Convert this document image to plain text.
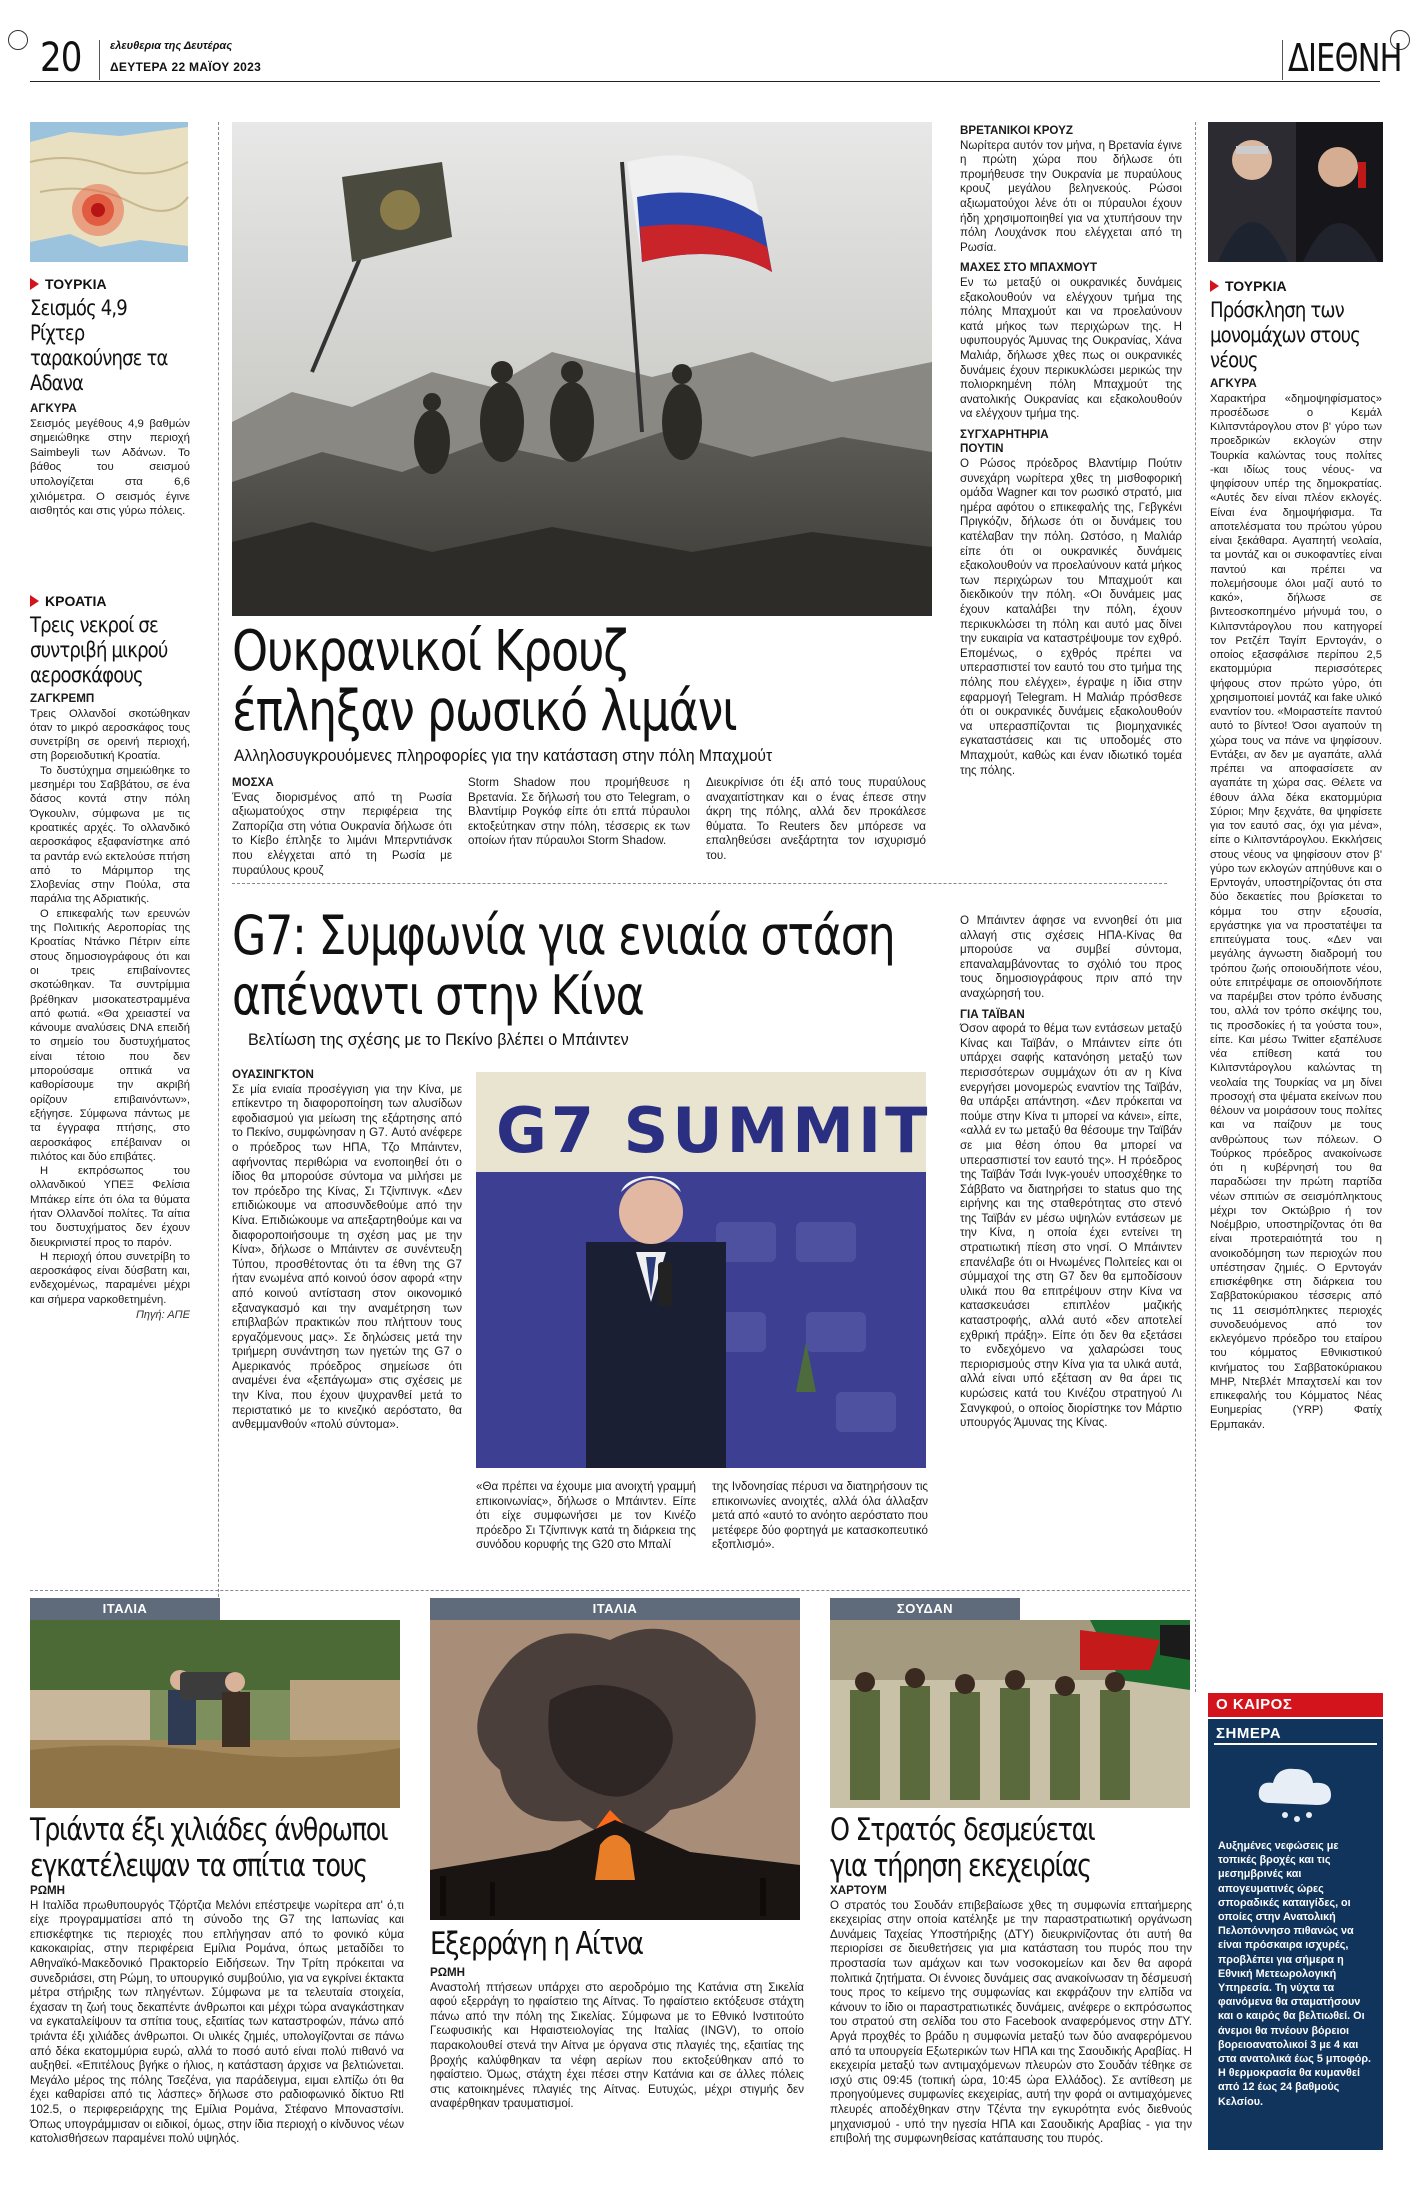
20	ελευθερια της Δευτέρας
ΔΕΥΤΕΡΑ 22 ΜΑΪΟΥ 2023	ΔΙΕΘΝΗ
ΤΟΥΡΚΙΑ
Σεισμός 4,9 Ρίχτερ ταρακούνησε τα Αδανα
ΑΓΚΥΡΑ
Σεισμός μεγέθους 4,9 βαθμών σημειώθηκε στην περιοχή Saimbeyli των Αδάνων. Το βάθος του σεισμού υπολογίζεται στα 6,6 χιλιόμετρα. Ο σεισμός έγινε αισθητός και στις γύρω πόλεις.
ΚΡΟΑΤΙΑ
Τρεις νεκροί σε συντριβή μικρού αεροσκάφους
ΖΑΓΚΡΕΜΠ
Τρεις Ολλανδοί σκοτώθηκαν όταν το μικρό αεροσκάφος τους συνετρίβη σε ορεινή περιοχή, στη βορειοδυτική Κροατία.
Το δυστύχημα σημειώθηκε το μεσημέρι του Σαββάτου, σε ένα δάσος κοντά στην πόλη Όγκουλιν, σύμφωνα με τις κροατικές αρχές. Το ολλανδικό αεροσκάφος εξαφανίστηκε από τα ραντάρ ενώ εκτελούσε πτήση από το Μάριμπορ της Σλοβενίας στην Πούλα, στα παράλια της Αδριατικής.
Ο επικεφαλής των ερευνών της Πολιτικής Αεροπορίας της Κροατίας Ντάνκο Πέτριν είπε στους δημοσιογράφους ότι και οι τρεις επιβαίνοντες σκοτώθηκαν. Τα συντρίμμια βρέθηκαν μισοκατεστραμμένα από φωτιά. «Θα χρειαστεί να κάνουμε αναλύσεις DNA επειδή το σημείο του δυστυχήματος είναι τέτοιο που δεν μπορούσαμε οπτικά να καθορίσουμε την ακριβή ορίζουν επιβαινόντων», εξήγησε. Σύμφωνα πάντως με τα έγγραφα πτήσης, στο αεροσκάφος επέβαιναν οι πιλότος και δύο επιβάτες.
Η εκπρόσωπος του ολλανδικού ΥΠΕΞ Φελίσια Μπάκερ είπε ότι όλα τα θύματα ήταν Ολλανδοί πολίτες. Τα αίτια του δυστυχήματος δεν έχουν διευκρινιστεί προς το παρόν.
Η περιοχή όπου συνετρίβη το αεροσκάφος είναι δύσβατη και, ενδεχομένως, παραμένει μέχρι και σήμερα ναρκοθετημένη.
Πηγή: ΑΠΕ
Ουκρανικοί Κρουζ
έπληξαν ρωσικό λιμάνι
Αλληλοσυγκρουόμενες πληροφορίες για την κατάσταση στην πόλη Μπαχμούτ
ΜΟΣΧΑ
Ένας διορισμένος από τη Ρωσία αξιωματούχος στην περιφέρεια της Ζαπορίζια στη νότια Ουκρανία δήλωσε ότι το Κίεβο έπληξε το λιμάνι Μπερντιάνσκ που ελέγχεται από τη Ρωσία με πυραύλους κρουζ
Storm Shadow που προμήθευσε η Βρετανία. Σε δήλωσή του στο Telegram, ο Βλαντίμιρ Ρογκόφ είπε ότι επτά πύραυλοι εκτοξεύτηκαν στην πόλη, τέσσερις εκ των οποίων ήταν πύραυλοι Storm Shadow.
Διευκρίνισε ότι έξι από τους πυραύλους αναχαιτίστηκαν και ο ένας έπεσε στην άκρη της πόλης, αλλά δεν προκάλεσε θύματα. Το Reuters δεν μπόρεσε να επαληθεύσει ανεξάρτητα τον ισχυρισμό του.
ΒΡΕΤΑΝΙΚΟΙ ΚΡΟΥΖ
Νωρίτερα αυτόν τον μήνα, η Βρετανία έγινε η πρώτη χώρα που δήλωσε ότι προμήθευσε την Ουκρανία με πυραύλους κρουζ μεγάλου βεληνεκούς. Ρώσοι αξιωματούχοι λένε ότι οι πύραυλοι έχουν ήδη χρησιμοποιηθεί για να χτυπήσουν την πόλη Λουχάνσκ που ελέγχεται από τη Ρωσία.
ΜΑΧΕΣ ΣΤΟ ΜΠΑΧΜΟΥΤ
Εν τω μεταξύ οι ουκρανικές δυνάμεις εξακολουθούν να ελέγχουν τμήμα της πόλης Μπαχμούτ και να προελαύνουν κατά μήκος των περιχώρων της. Η υφυπουργός Άμυνας της Ουκρανίας, Χάνα Μαλιάρ, δήλωσε χθες πως οι ουκρανικές δυνάμεις έχουν περικυκλώσει μερικώς την πολιορκημένη πόλη Μπαχμούτ της ανατολικής Ουκρανίας και εξακολουθούν να ελέγχουν τμήμα της.
ΣΥΓΧΑΡΗΤΗΡΙΑ ΠΟΥΤΙΝ
Ο Ρώσος πρόεδρος Βλαντίμιρ Πούτιν συνεχάρη νωρίτερα χθες τη μισθοφορική ομάδα Wagner και τον ρωσικό στρατό, μια ημέρα αφότου ο επικεφαλής της, Γεβγκένι Πριγκόζιν, δήλωσε ότι οι δυνάμεις του κατέλαβαν την πόλη. Ωστόσο, η Μαλιάρ είπε ότι οι ουκρανικές δυνάμεις εξακολουθούν να προελαύνουν κατά μήκος των περιχώρων του Μπαχμούτ και διεκδικούν την πόλη. «Οι δυνάμεις μας έχουν καταλάβει την πόλη, έχουν περικυκλώσει τη πόλη και αυτό μας δίνει την ευκαιρία να καταστρέψουμε τον εχθρό. Επομένως, ο εχθρός πρέπει να υπερασπιστεί τον εαυτό του στο τμήμα της πόλης που ελέγχει», έγραψε η ίδια στην εφαρμογή Telegram. Η Μαλιάρ πρόσθεσε ότι οι ουκρανικές δυνάμεις εξακολουθούν να υπερασπίζονται τις βιομηχανικές εγκαταστάσεις και τις υποδομές στο Μπαχμούτ, καθώς και έναν ιδιωτικό τομέα της πόλης.
G7: Συμφωνία για ενιαία στάση
απέναντι στην Κίνα
Βελτίωση της σχέσης με το Πεκίνο βλέπει ο Μπάιντεν
ΟΥΑΣΙΝΓΚΤΟΝ
Σε μία ενιαία προσέγγιση για την Κίνα, με επίκεντρο τη διαφοροποίηση των αλυσίδων εφοδιασμού για μείωση της εξάρτησης από το Πεκίνο, συμφώνησαν η G7. Αυτό ανέφερε ο πρόεδρος των ΗΠΑ, Τζο Μπάιντεν, αφήνοντας περιθώρια να ενοποιηθεί ότι ο ίδιος θα μπορούσε σύντομα να μιλήσει με τον πρόεδρο της Κίνας, Σι Τζίνπινγκ. «Δεν επιδιώκουμε να αποσυνδεθούμε από την Κίνα. Επιδιώκουμε να απεξαρτηθούμε και να διαφοροποιήσουμε τη σχέση μας με την Κίνα», δήλωσε ο Μπάιντεν σε συνέντευξη Τύπου, προσθέτοντας ότι τα έθνη της G7 ήταν ενωμένα από κοινού όσον αφορά «την από κοινού αντίσταση στον οικονομικό εξαναγκασμό και την αναμέτρηση των επιβλαβών πρακτικών που πλήττουν τους εργαζόμενους μας». Σε δηλώσεις μετά την τριήμερη συνάντηση των ηγετών της G7 ο Αμερικανός πρόεδρος σημείωσε ότι αναμένει ένα «ξεπάγωμα» στις σχέσεις με την Κίνα, που έχουν ψυχρανθεί μετά το περιστατικό με το κινεζικό αερόστατο, θα ανθεμμανθούν «πολύ σύντομα».
G7 SUMMIT
«Θα πρέπει να έχουμε μια ανοιχτή γραμμή επικοινωνίας», δήλωσε ο Μπάιντεν. Είπε ότι είχε συμφωνήσει με τον Κινέζο πρόεδρο Σι Τζίνπινγκ κατά τη διάρκεια της συνόδου κορυφής της G20 στο Μπαλί
της Ινδονησίας πέρυσι να διατηρήσουν τις επικοινωνίες ανοιχτές, αλλά όλα άλλαξαν μετά από «αυτό το ανόητο αερόστατο που μετέφερε δύο φορτηγά με κατασκοπευτικό εξοπλισμό».
Ο Μπάιντεν άφησε να εννοηθεί ότι μια αλλαγή στις σχέσεις ΗΠΑ-Κίνας θα μπορούσε να συμβεί σύντομα, επαναλαμβάνοντας το σχόλιό του προς τους δημοσιογράφους πριν από την αναχώρησή του.
ΓΙΑ ΤΑΪΒΑΝ
Όσον αφορά το θέμα των εντάσεων μεταξύ Κίνας και Ταϊβάν, ο Μπάιντεν είπε ότι υπάρχει σαφής κατανόηση μεταξύ των περισσότερων συμμάχων ότι αν η Κίνα ενεργήσει μονομερώς εναντίον της Ταϊβάν, θα υπάρξει απάντηση. «Δεν πρόκειται να πούμε στην Κίνα τι μπορεί να κάνει», είπε, «αλλά εν τω μεταξύ θα θέσουμε την Ταϊβάν σε μια θέση όπου θα μπορεί να υπερασπιστεί τον εαυτό της». Η πρόεδρος της Ταϊβάν Τσάι Ινγκ-γουέν υποσχέθηκε το Σάββατο να διατηρήσει το status quo της ειρήνης και της σταθερότητας στο στενό της Ταϊβάν εν μέσω υψηλών εντάσεων με την Κίνα, η οποία έχει εντείνει τη στρατιωτική πίεση στο νησί. Ο Μπάιντεν επανέλαβε ότι οι Ηνωμένες Πολιτείες και οι σύμμαχοί της στη G7 δεν θα εμποδίσουν υλικά που θα επιτρέψουν στην Κίνα να κατασκευάσει επιπλέον μαζικής καταστροφής, αλλά αυτό «δεν αποτελεί εχθρική πράξη». Είπε ότι δεν θα εξετάσει το ενδεχόμενο να χαλαρώσει τους περιορισμούς στην Κίνα για τα υλικά αυτά, αλλά είναι υπό εξέταση αν θα άρει τις κυρώσεις κατά του Κινέζου στρατηγού Λι Σανγκφού, ο οποίος διορίστηκε τον Μάρτιο υπουργός Άμυνας της Κίνας.
ΤΟΥΡΚΙΑ
Πρόσκληση των μονομάχων στους νέους
ΑΓΚΥΡΑ
Χαρακτήρα «δημοψηφίσματος» προσέδωσε ο Κεμάλ Κιλιτσντάρογλου στον β' γύρο των προεδρικών εκλογών στην Τουρκία καλώντας τους πολίτες -και ιδίως τους νέους- να ψηφίσουν υπέρ της δημοκρατίας. «Αυτές δεν είναι πλέον εκλογές. Είναι ένα δημοψήφισμα. Τα αποτελέσματα του πρώτου γύρου είναι ξεκάθαρα. Αγαπητή νεολαία, τα μοντάζ και οι συκοφαντίες είναι παντού και πρέπει να πολεμήσουμε όλοι μαζί αυτό το κακό», δήλωσε σε βιντεοσκοπημένο μήνυμά του, ο Κιλιτσντάρογλου που κατηγορεί τον Ρετζέπ Ταγίπ Ερντογάν, ο οποίος εξασφάλισε περίπου 2,5 εκατομμύρια περισσότερες ψήφους στον πρώτο γύρο, ότι χρησιμοποιεί μοντάζ και fake υλικό εναντίον του. «Μοιραστείτε παντού αυτό το βίντεο! Όσοι αγαπούν τη χώρα τους να πάνε να ψηφίσουν. Εντάξει, αν δεν με αγαπάτε, αλλά πρέπει να αποφασίσετε αν αγαπάτε τη χώρα σας. Θέλετε να έθουν άλλα δέκα εκατομμύρια Σύριοι; Μην ξεχνάτε, θα ψηφίσετε για τον εαυτό σας, όχι για μένα», είπε ο Κιλιτσντάρογλου. Εκκλήσεις στους νέους να ψηφίσουν στον β' γύρο των εκλογών απηύθυνε και ο Ερντογάν, υποστηρίζοντας ότι στα δύο δεκαετίες που βρίσκεται το κόμμα του στην εξουσία, εργάστηκε για να προστατέψει τα επιτεύγματα τους. «Δεν ναι μεγάλης άγνωστη διαδρομή του τρόπου ζωής οποιουδήποτε νέου, ούτε επιτρέψαμε σε οποιονδήποτε να παρέμβει στον τρόπο ένδυσης του, αλλά τον τρόπο σκέψης του, τις προσδοκίες ή τα γούστα του», είπε. Και μέσω Twitter εξαπέλυσε νέα επίθεση κατά του Κιλιτσντάρογλου καλώντας τη νεολαία της Τουρκίας να μη δίνει προσοχή στα ψέματα εκείνων που θέλουν να μοιράσουν τους πολίτες και να παίζουν με τους ανθρώπους των πόλεων. Ο Τούρκος πρόεδρος ανακοίνωσε ότι η κυβέρνησή του θα παραδώσει την πρώτη παρτίδα νέων σπιτιών σε σεισμόπληκτους μέχρι τον Οκτώβριο ή τον Νοέμβριο, υποστηρίζοντας ότι θα είναι προτεραιότητά του η ανοικοδόμηση των περιοχών που υπέστησαν ζημιές. Ο Ερντογάν επισκέφθηκε στη διάρκεια του Σαββατοκύριακου τέσσερις από τις 11 σεισμόπληκτες περιοχές συνοδευόμενος από τον εκλεγόμενο πρόεδρο του εταίρου του κόμματος Εθνικιστικού κινήματος του Σαββατοκύριακου MHP, Ντεβλέτ Μπαχτσελί και τον επικεφαλής του Κόμματος Νέας Ευημερίας (YRP) Φατίχ Ερμπακάν.
Ο ΚΑΙΡΟΣ
ΣΗΜΕΡΑ
Αυξημένες νεφώσεις με τοπικές βροχές και τις μεσημβρινές και απογευματινές ώρες σποραδικές καταιγίδες, οι οποίες στην Ανατολική Πελοπόννησο πιθανώς να είναι πρόσκαιρα ισχυρές, προβλέπει για σήμερα η Εθνική Μετεωρολογική Υπηρεσία. Τη νύχτα τα φαινόμενα θα σταματήσουν και ο καιρός θα βελτιωθεί. Οι άνεμοι θα πνέουν βόρειοι βορειοανατολικοί 3 με 4 και στα ανατολικά έως 5 μποφόρ. Η θερμοκρασία θα κυμανθεί από 12 έως 24 βαθμούς Κελσίου.
ΙΤΑΛΙΑ
Τριάντα έξι χιλιάδες άνθρωποι
εγκατέλειψαν τα σπίτια τους
ΡΩΜΗ
Η Ιταλίδα πρωθυπουργός Τζόρτζια Μελόνι επέστρεψε νωρίτερα απ' ό,τι είχε προγραμματίσει από τη σύνοδο της G7 της Ιαπωνίας και επισκέφτηκε τις περιοχές που επλήγησαν από το φονικό κύμα κακοκαιρίας, στην περιφέρεια Εμίλια Ρομάνα, όπως μεταδίδει το Αθηναϊκό-Μακεδονικό Πρακτορείο Ειδήσεων. Την Τρίτη πρόκειται να συνεδριάσει, στη Ρώμη, το υπουργικό συμβούλιο, για να εγκρίνει έκτακτα μέτρα στήριξης των πληγέντων. Σύμφωνα με τα τελευταία στοιχεία, έχασαν τη ζωή τους δεκαπέντε άνθρωποι και μέχρι τώρα αναγκάστηκαν να εγκαταλείψουν τα σπίτια τους, εξαιτίας των καταστροφών, πάνω από τριάντα έξι χιλιάδες άνθρωποι. Οι υλικές ζημιές, υπολογίζονται σε πάνω από δέκα εκατομμύρια ευρώ, αλλά το ποσό αυτό είναι πολύ πιθανό να αυξηθεί. «Επιτέλους βγήκε ο ήλιος, η κατάσταση άρχισε να βελτιώνεται. Μεγάλο μέρος της πόλης Τσεζένα, για παράδειγμα, ειμαι ελπίζω ότι θα έχει καθαρίσει από τις λάσπες» δήλωσε στο ραδιοφωνικό δίκτυο Rtl 102.5, ο περιφερειάρχης της Εμίλια Ρομάνα, Στέφανο Μποναστσίνι. Όπως υπογράμμισαν οι ειδικοί, όμως, στην ίδια περιοχή ο κίνδυνος νέων κατολισθήσεων παραμένει πολύ υψηλός.
ΙΤΑΛΙΑ
Εξερράγη η Αίτνα
ΡΩΜΗ
Αναστολή πτήσεων υπάρχει στο αεροδρόμιο της Κατάνια στη Σικελία αφού εξερράγη το ηφαίστειο της Αίτνας. Το ηφαίστειο εκτόξευσε στάχτη πάνω από την πόλη της Σικελίας. Σύμφωνα με το Εθνικό Ινστιτούτο Γεωφυσικής και Ηφαιστειολογίας της Ιταλίας (INGV), το οποίο παρακολουθεί στενά την Αίτνα με όργανα στις πλαγιές της, εξαιτίας της βροχής καλύφθηκαν τα νέφη αερίων που εκτοξεύθηκαν από το ηφαίστειο. Όμως, στάχτη έχει πέσει στην Κατάνια και σε άλλες πόλεις στις κατοικημένες πλαγιές της Αίτνας. Ευτυχώς, μέχρι στιγμής δεν αναφέρθηκαν τραυματισμοί.
ΣΟΥΔΑΝ
Ο Στρατός δεσμεύεται
για τήρηση εκεχειρίας
ΧΑΡΤΟΥΜ
Ο στρατός του Σουδάν επιβεβαίωσε χθες τη συμφωνία επταήμερης εκεχειρίας στην οποία κατέληξε με την παραστρατιωτική οργάνωση Δυνάμεις Ταχείας Υποστήριξης (ΔΤΥ) διευκρινίζοντας ότι αυτή θα περιορίσει σε διευθετήσεις για μια κατάσταση του πυρός που την προστασία των αμάχων και των νοσοκομείων και δεν θα αφορά πολιτικά ζητήματα. Οι έννοιες δυνάμεις σας ανακοίνωσαν τη δέσμευσή τους προς το κείμενο της συμφωνίας και εκφράζουν την ελπίδα να κάνουν το ίδιο οι παραστρατιωτικές δυνάμεις, ανέφερε ο εκπρόσωπος του στρατού στη σελίδα του στο Facebook αναφερόμενος στην ΔΤΥ. Αργά προχθές το βράδυ η συμφωνία μεταξύ των δύο αναφερόμενου από τα υπουργεία Εξωτερικών των ΗΠΑ και της Σαουδικής Αραβίας. Η εκεχειρία μεταξύ των αντιμαχόμενων πλευρών στο Σουδάν τέθηκε σε ισχύ στις 09:45 (τοπική ώρα, 10:45 ώρα Ελλάδος). Σε αντίθεση με προηγούμενες συμφωνίες εκεχειρίας, αυτή την φορά οι αντιμαχόμενες πλευρές αποδέχθηκαν στην Τζέντα την εγκυρότητα ενός διεθνούς μηχανισμού - υπό την ηγεσία ΗΠΑ και Σαουδικής Αραβίας - για την επιβολή της συμφωνηθείσας κατάπαυσης του πυρός.
